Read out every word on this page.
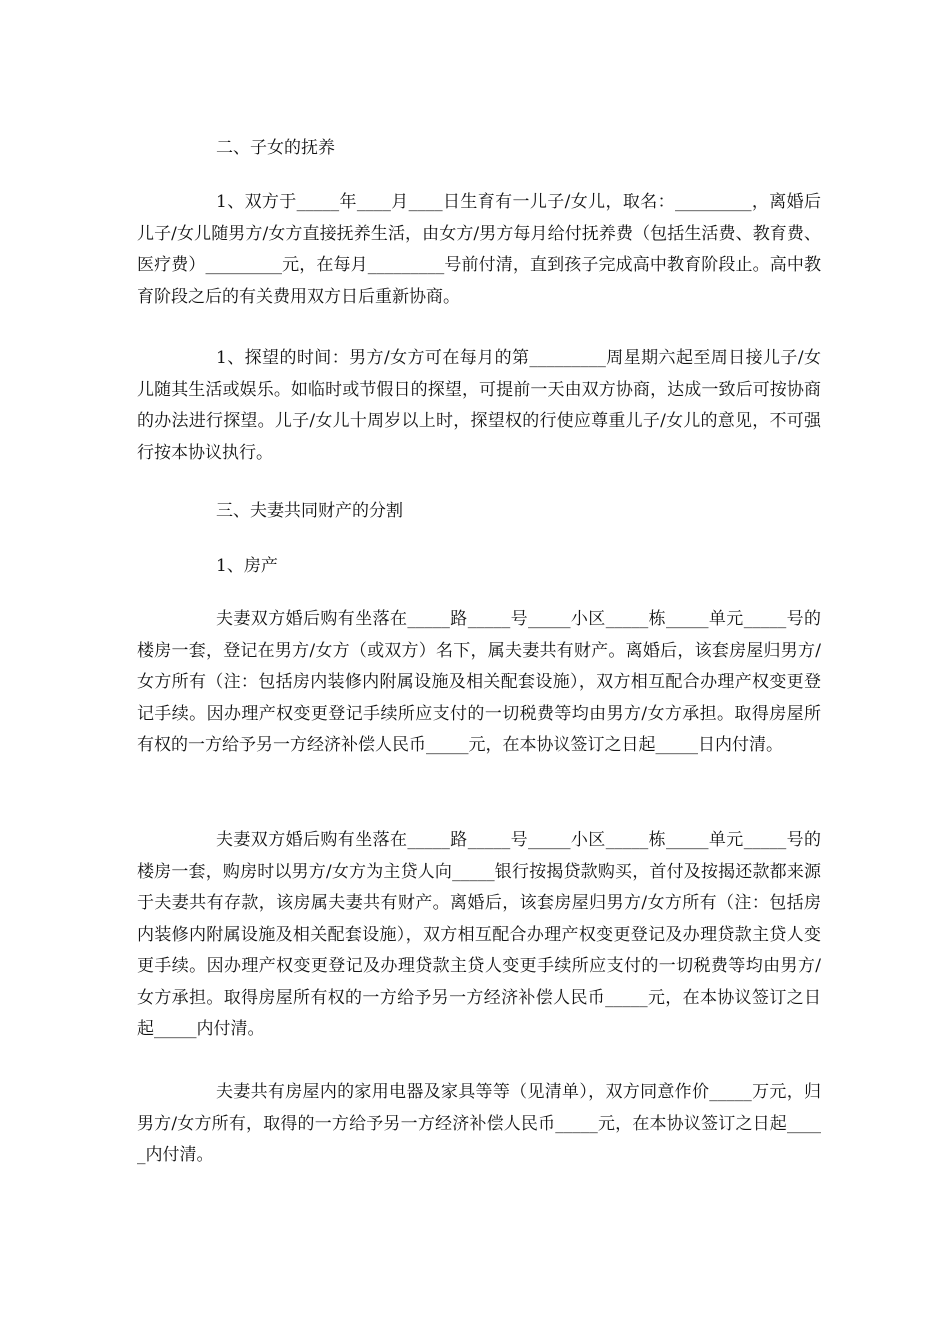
二、子女的抚养
1、双方于_____年____月____日生育有一儿子/女儿，取名：_________，离婚后儿子/女儿随男方/女方直接抚养生活，由女方/男方每月给付抚养费（包括生活费、教育费、医疗费）_________元，在每月_________号前付清，直到孩子完成高中教育阶段止。高中教育阶段之后的有关费用双方日后重新协商。
1、探望的时间：男方/女方可在每月的第_________周星期六起至周日接儿子/女儿随其生活或娱乐。如临时或节假日的探望，可提前一天由双方协商，达成一致后可按协商的办法进行探望。儿子/女儿十周岁以上时，探望权的行使应尊重儿子/女儿的意见，不可强行按本协议执行。
三、夫妻共同财产的分割
1、房产
夫妻双方婚后购有坐落在_____路_____号_____小区_____栋_____单元_____号的楼房一套，登记在男方/女方（或双方）名下，属夫妻共有财产。离婚后，该套房屋归男方/女方所有（注：包括房内装修内附属设施及相关配套设施），双方相互配合办理产权变更登记手续。因办理产权变更登记手续所应支付的一切税费等均由男方/女方承担。取得房屋所有权的一方给予另一方经济补偿人民币_____元，在本协议签订之日起_____日内付清。
夫妻双方婚后购有坐落在_____路_____号_____小区_____栋_____单元_____号的楼房一套，购房时以男方/女方为主贷人向_____银行按揭贷款购买，首付及按揭还款都来源于夫妻共有存款，该房属夫妻共有财产。离婚后，该套房屋归男方/女方所有（注：包括房内装修内附属设施及相关配套设施），双方相互配合办理产权变更登记及办理贷款主贷人变更手续。因办理产权变更登记及办理贷款主贷人变更手续所应支付的一切税费等均由男方/女方承担。取得房屋所有权的一方给予另一方经济补偿人民币_____元，在本协议签订之日起_____内付清。
夫妻共有房屋内的家用电器及家具等等（见清单），双方同意作价_____万元，归男方/女方所有，取得的一方给予另一方经济补偿人民币_____元，在本协议签订之日起_____内付清。
